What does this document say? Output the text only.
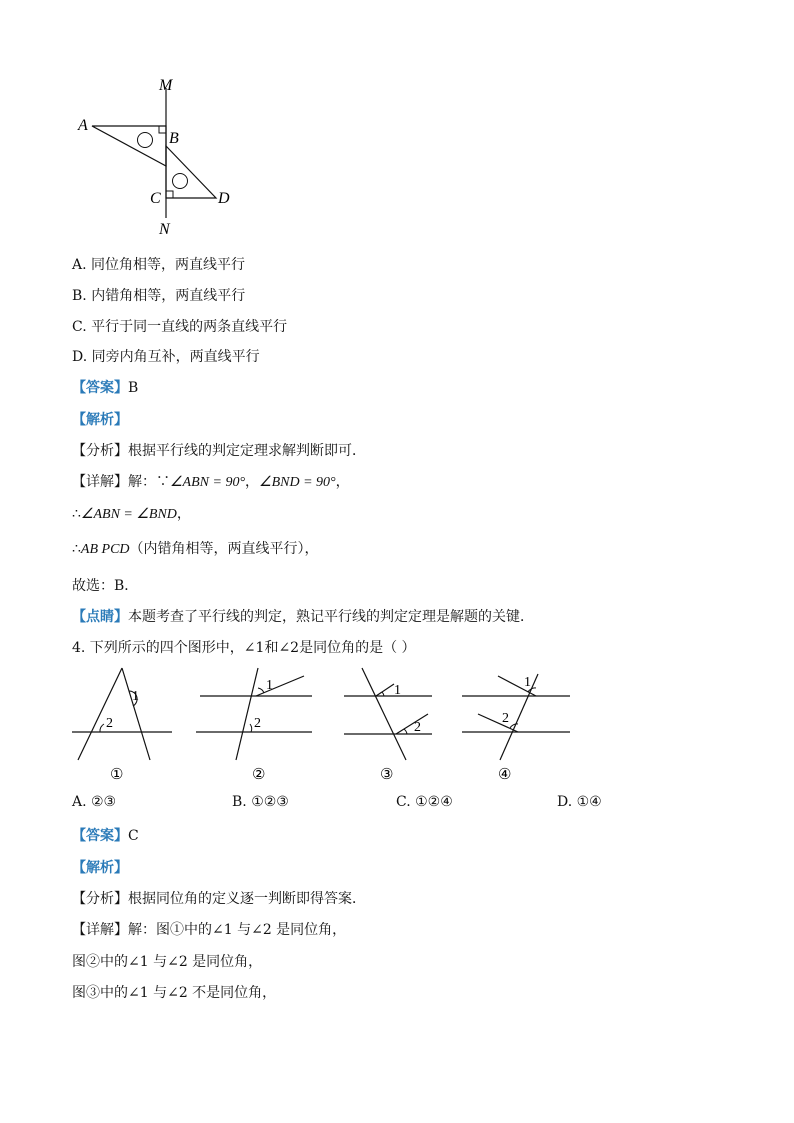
M
A
B
C	D
N
A. 同位角相等，两直线平行
B. 内错角相等，两直线平行
C. 平行于同一直线的两条直线平行
D. 同旁内角互补，两直线平行
【答案】B
【解析】
【分析】根据平行线的判定定理求解判断即可．
【详解】解：∵∠ABN = 90°，∠BND = 90°，
∴∠ABN = ∠BND，
∴AB PCD（内错角相等，两直线平行），
故选：B．
【点睛】本题考查了平行线的判定，熟记平行线的判定定理是解题的关键．
4. 下列所示的四个图形中，∠1和∠2是同位角的是（ ）
1
2
①
1
2
②
1
2
③
1
2
④
A. ②③	B. ①②③	C. ①②④	D. ①④
【答案】C
【解析】
【分析】根据同位角的定义逐一判断即得答案．
【详解】解：图①中的∠1 与∠2 是同位角，
图②中的∠1 与∠2 是同位角，
图③中的∠1 与∠2 不是同位角，
